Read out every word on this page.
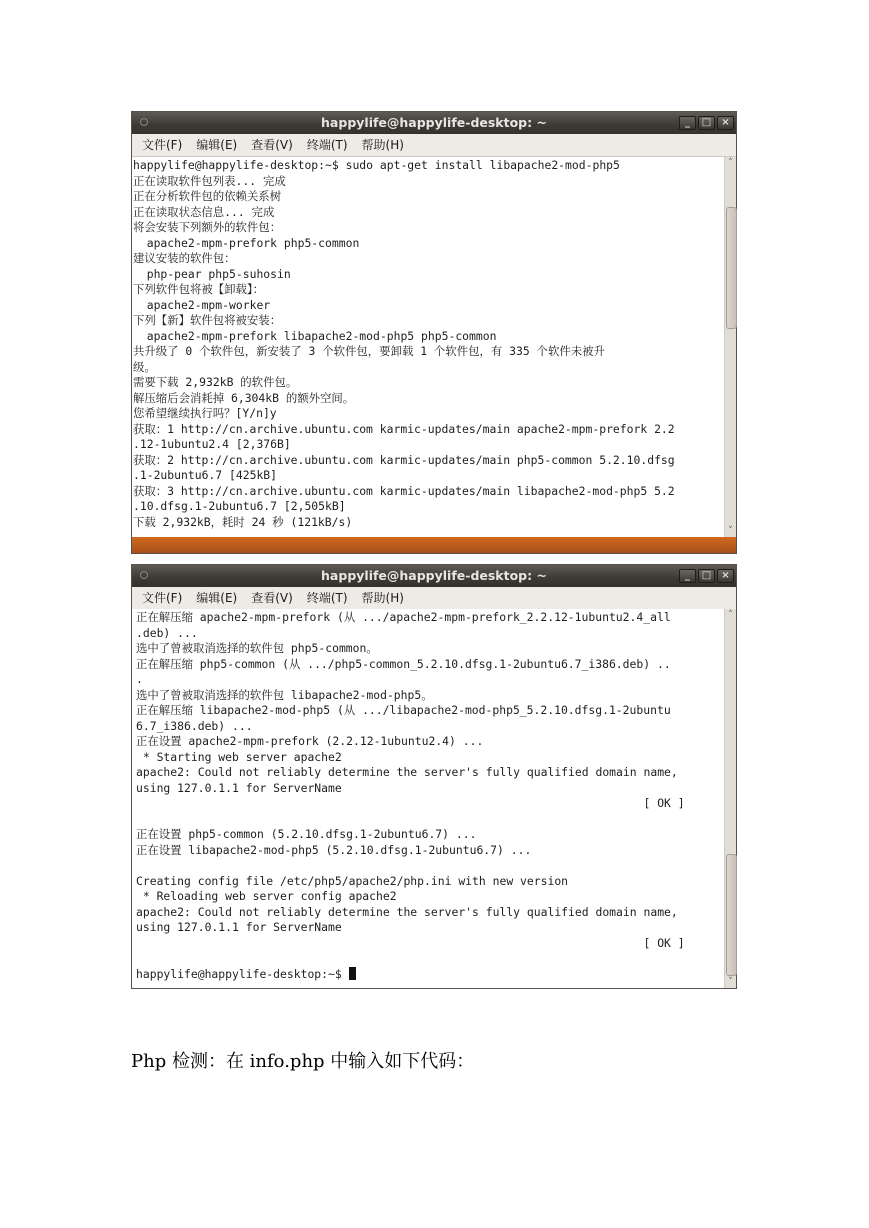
happylife@happylife-desktop: ~	_	□	×
文件(F) 编辑(E) 查看(V) 终端(T) 帮助(H)
happylife@happylife-desktop:~$ sudo apt-get install libapache2-mod-php5
正在读取软件包列表... 完成
正在分析软件包的依赖关系树
正在读取状态信息... 完成
将会安装下列额外的软件包：
apache2-mpm-prefork php5-common
建议安装的软件包：
php-pear php5-suhosin
下列软件包将被【卸载】：
apache2-mpm-worker
下列【新】软件包将被安装：
apache2-mpm-prefork libapache2-mod-php5 php5-common
共升级了 0 个软件包，新安装了 3 个软件包，要卸载 1 个软件包，有 335 个软件未被升
级。
需要下载 2,932kB 的软件包。
解压缩后会消耗掉 6,304kB 的额外空间。
您希望继续执行吗？[Y/n]y
获取：1 http://cn.archive.ubuntu.com karmic-updates/main apache2-mpm-prefork 2.2
.12-1ubuntu2.4 [2,376B]
获取：2 http://cn.archive.ubuntu.com karmic-updates/main php5-common 5.2.10.dfsg
.1-2ubuntu6.7 [425kB]
获取：3 http://cn.archive.ubuntu.com karmic-updates/main libapache2-mod-php5 5.2
.10.dfsg.1-2ubuntu6.7 [2,505kB]
下载 2,932kB，耗时 24 秒 (121kB/s)
˄
˅
happylife@happylife-desktop: ~	_	□	×
文件(F) 编辑(E) 查看(V) 终端(T) 帮助(H)
正在解压缩 apache2-mpm-prefork (从 .../apache2-mpm-prefork_2.2.12-1ubuntu2.4_all
.deb) ...
选中了曾被取消选择的软件包 php5-common。
正在解压缩 php5-common (从 .../php5-common_5.2.10.dfsg.1-2ubuntu6.7_i386.deb) ..
.
选中了曾被取消选择的软件包 libapache2-mod-php5。
正在解压缩 libapache2-mod-php5 (从 .../libapache2-mod-php5_5.2.10.dfsg.1-2ubuntu
6.7_i386.deb) ...
正在设置 apache2-mpm-prefork (2.2.12-1ubuntu2.4) ...
* Starting web server apache2
apache2: Could not reliably determine the server's fully qualified domain name,
using 127.0.1.1 for ServerName
[ OK ]
正在设置 php5-common (5.2.10.dfsg.1-2ubuntu6.7) ...
正在设置 libapache2-mod-php5 (5.2.10.dfsg.1-2ubuntu6.7) ...
Creating config file /etc/php5/apache2/php.ini with new version
* Reloading web server config apache2
apache2: Could not reliably determine the server's fully qualified domain name,
using 127.0.1.1 for ServerName
[ OK ]
happylife@happylife-desktop:~$
˄
˅
Php 检测：在 info.php 中输入如下代码：
